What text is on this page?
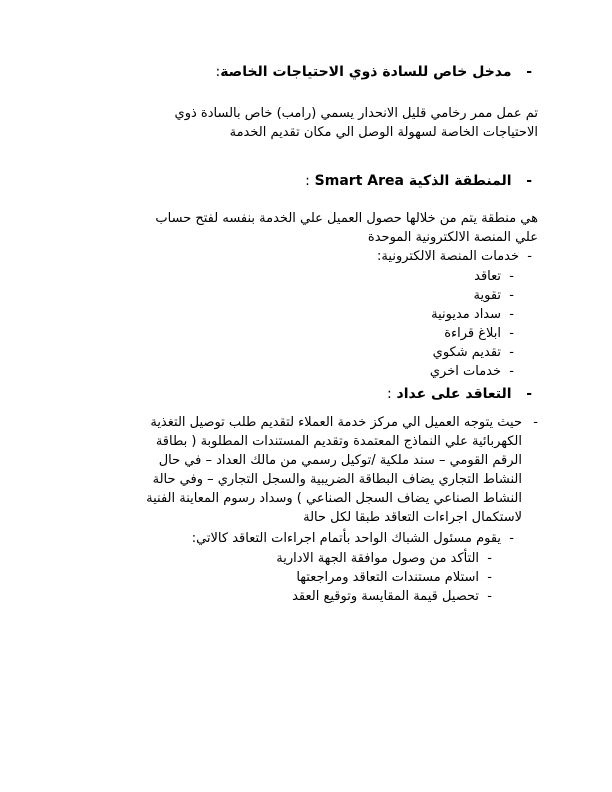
-   مدخل خاص للسادة ذوي الاحتياجات الخاصة:
تم عمل ممر رخامي قليل الانحدار يسمي (رامب) خاص بالسادة ذوي
الاحتياجات الخاصة لسهولة الوصل الي مكان تقديم الخدمة
-   المنطقة الذكية Smart Area :
هي منطقة يتم من خلالها حصول العميل علي الخدمة بنفسه لفتح حساب
علي المنصة الالكترونية الموحدة
-  خدمات المنصة الالكترونية:
-  تعاقد
-  تقوية
-  سداد مديونية
-  ابلاغ قراءة
-  تقديم شكوي
-  خدمات اخري
-   التعاقد على عداد :
-
حيث يتوجه العميل الي مركز خدمة العملاء لتقديم طلب توصيل التغذية
الكهربائية علي النماذج المعتمدة وتقديم المستندات المطلوبة ( بطاقة
الرقم القومي – سند ملكية /توكيل رسمي من مالك العداد – في حال
النشاط التجاري يضاف البطاقة الضريبية والسجل التجاري – وفي حالة
النشاط الصناعي يضاف السجل الصناعي ) وسداد رسوم المعاينة الفنية
لاستكمال اجراءات التعاقد طبقا لكل حالة
-  يقوم مسئول الشباك الواحد بأتمام اجراءات التعاقد كالاتي:
-  التأكد من وصول موافقة الجهة الادارية
-  استلام مستندات التعاقد ومراجعتها
-  تحصيل قيمة المقايسة وتوقيع العقد
